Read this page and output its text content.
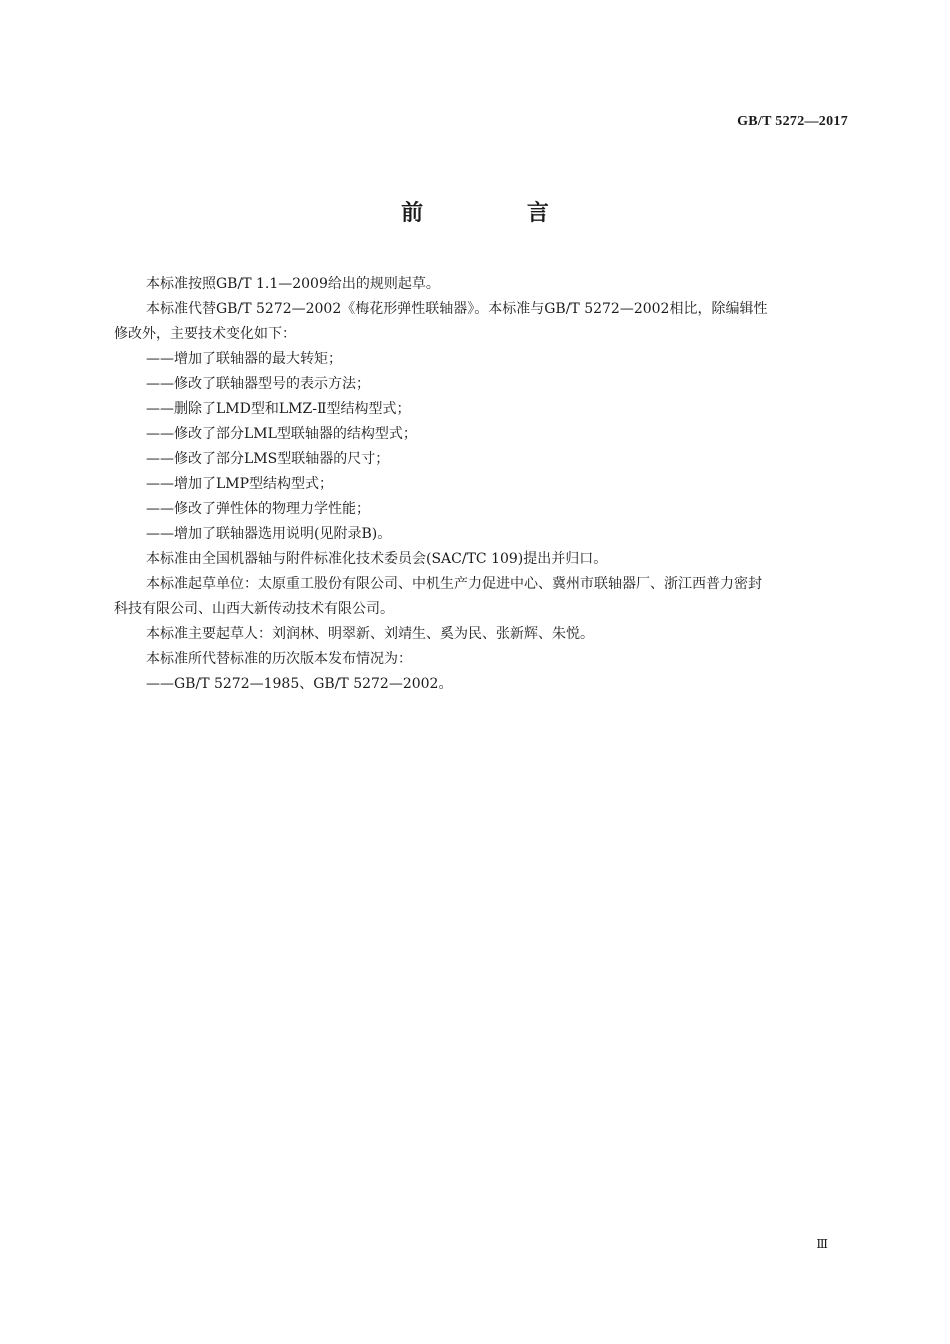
GB/T 5272—2017
前 言

本标准按照GB/T 1.1—2009给出的规则起草。

本标准代替GB/T 5272—2002《梅花形弹性联轴器》。本标准与GB/T 5272—2002相比，除编辑性

修改外，主要技术变化如下：

——增加了联轴器的最大转矩；

——修改了联轴器型号的表示方法；

——删除了LMD型和LMZ-Ⅱ型结构型式；

——修改了部分LML型联轴器的结构型式；

——修改了部分LMS型联轴器的尺寸；

——增加了LMP型结构型式；

——修改了弹性体的物理力学性能；

——增加了联轴器选用说明(见附录B)。

本标准由全国机器轴与附件标准化技术委员会(SAC/TC 109)提出并归口。

本标准起草单位：太原重工股份有限公司、中机生产力促进中心、冀州市联轴器厂、浙江西普力密封

科技有限公司、山西大新传动技术有限公司。

本标准主要起草人：刘润林、明翠新、刘靖生、奚为民、张新辉、朱悦。

本标准所代替标准的历次版本发布情况为：

——GB/T 5272—1985、GB/T 5272—2002。

Ⅲ
